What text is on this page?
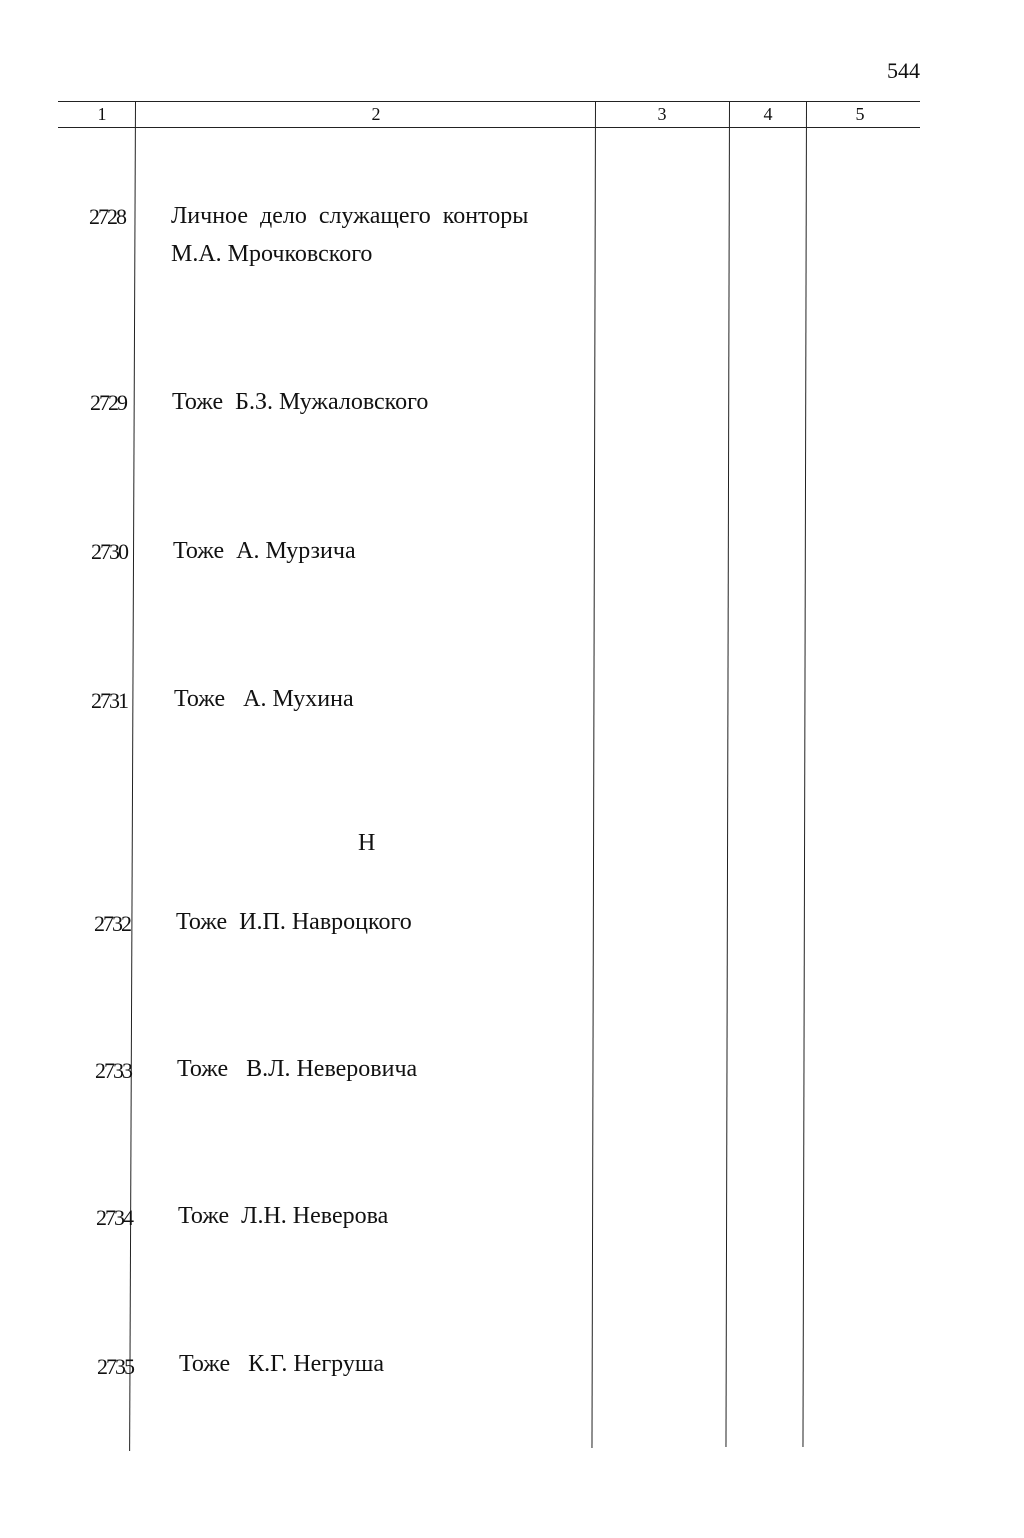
544
1	2	3	4	5
2728 Личное  дело  служащего  конторы
М.А. Мрочковского
2729 Тоже  Б.З. Мужаловского
2730 Тоже  А. Мурзича
2731 Тоже   А. Мухина
Н
2732 Тоже  И.П. Навроцкого
2733 Тоже   В.Л. Неверовича
2734 Тоже  Л.Н. Неверова
2735 Тоже   К.Г. Негруша
